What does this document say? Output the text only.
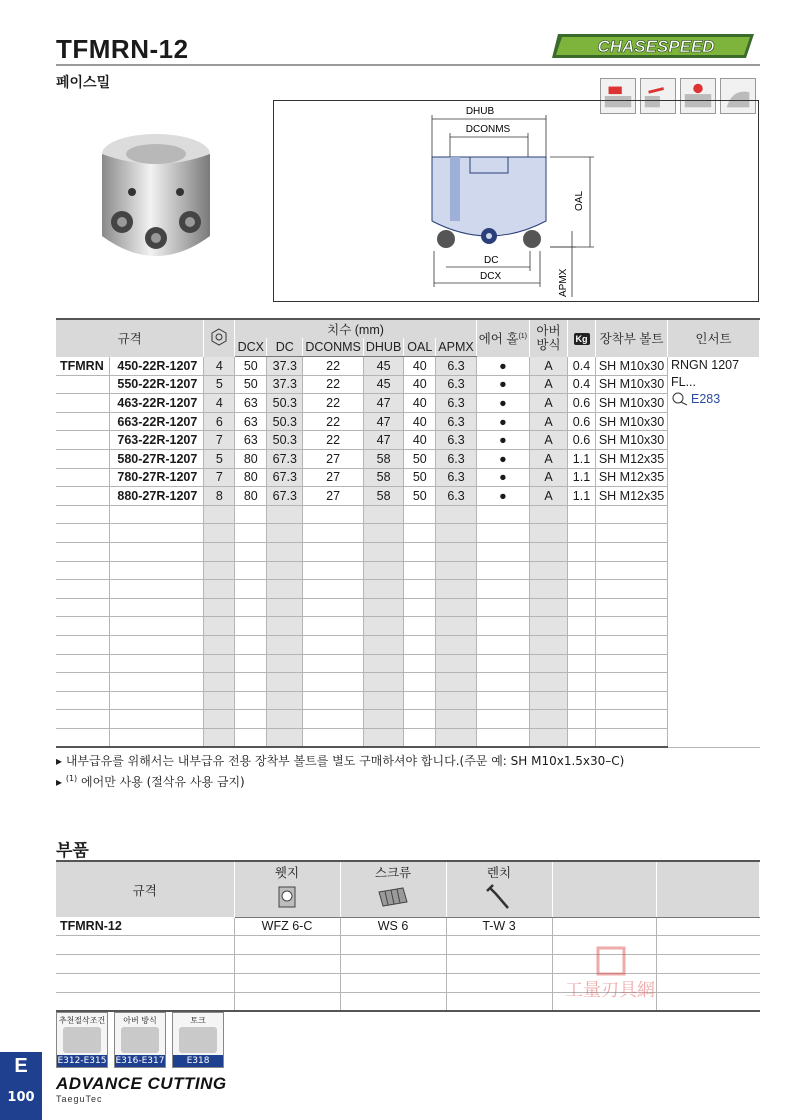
TFMRN-12
페이스밀
CHASESPEED
DHUB
DCONMS
OAL
DC
DCX	APMX
규격			치수 (mm)						에어 홀$^{(1)}$	아버 방식	Kg	장착부 볼트	인서트
			DCX	DC	DCONMS	DHUB	OAL	APMX					
TFMRN	450-22R-1207	4	50	37.3	22	45	40	6.3	●	A	0.4	SH M10x30	RNGN 1207
FL...
E283

	550-22R-1207	5	50	37.3	22	45	40	6.3	●	A	0.4	SH M10x30	
	463-22R-1207	4	63	50.3	22	47	40	6.3	●	A	0.6	SH M10x30	
	663-22R-1207	6	63	50.3	22	47	40	6.3	●	A	0.6	SH M10x30	
	763-22R-1207	7	63	50.3	22	47	40	6.3	●	A	0.6	SH M10x30	
	580-27R-1207	5	80	67.3	27	58	50	6.3	●	A	1.1	SH M12x35	
	780-27R-1207	7	80	67.3	27	58	50	6.3	●	A	1.1	SH M12x35	
	880-27R-1207	8	80	67.3	27	58	50	6.3	●	A	1.1	SH M12x35	

▸ 내부급유를 위해서는 내부급유 전용 장착부 볼트를 별도 구매하셔야 합니다.(주문 예: SH M10x1.5x30–C)
▸ $^{(1)}$ 에어만 사용 (절삭유 사용 금지)
부품
규격	웻지	스크류	렌치		

TFMRN-12	WFZ 6-C	WS 6	T-W 3		

工量刃具網
추천절삭조건
E312-E315
아버 방식
E316-E317
토크
E318
E
100
ADVANCE CUTTING
TaeguTec
